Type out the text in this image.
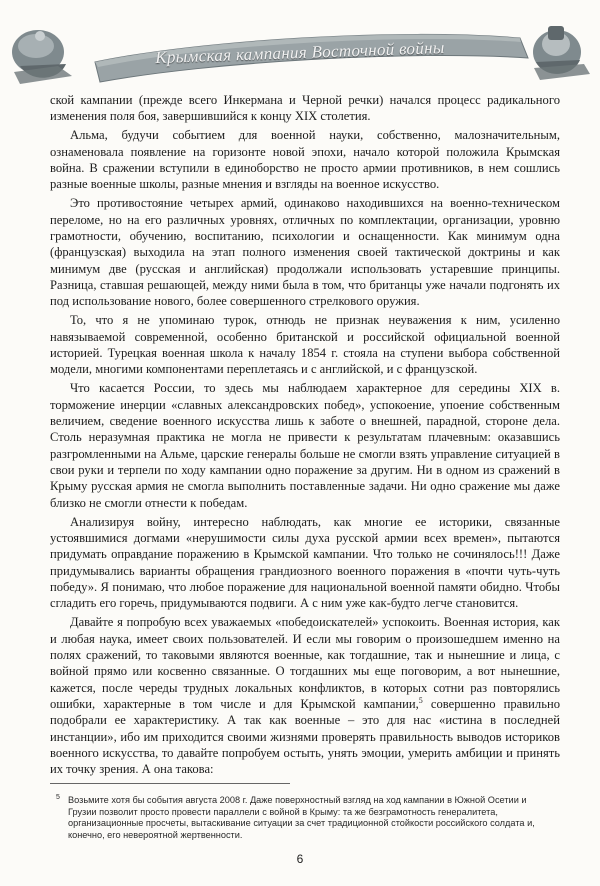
Крымская кампания Восточной войны

ской кампании (прежде всего Инкермана и Черной речки) начался процесс радикального изменения поля боя, завершившийся к концу XIX столетия.

Альма, будучи событием для военной науки, собственно, малозначительным, ознаменовала появление на горизонте новой эпохи, начало которой положила Крымская война. В сражении вступили в единоборство не просто армии противников, в нем сошлись разные военные школы, разные мнения и взгляды на военное искусство.

Это противостояние четырех армий, одинаково находившихся на военно-техническом переломе, но на его различных уровнях, отличных по комплектации, организации, уровню грамотности, обучению, воспитанию, психологии и оснащенности. Как минимум одна (французская) выходила на этап полного изменения своей тактической доктрины и как минимум две (русская и английская) продолжали использовать устаревшие принципы. Разница, ставшая решающей, между ними была в том, что британцы уже начали подгонять их под использование нового, более совершенного стрелкового оружия.

То, что я не упоминаю турок, отнюдь не признак неуважения к ним, усиленно навязываемой современной, особенно британской и российской официальной военной историей. Турецкая военная школа к началу 1854 г. стояла на ступени выбора собственной модели, многими компонентами переплетаясь и с английской, и с французской.

Что касается России, то здесь мы наблюдаем характерное для середины XIX в. торможение инерции «славных александровских побед», успокоение, упоение собственным величием, сведение военного искусства лишь к заботе о внешней, парадной, стороне дела. Столь неразумная практика не могла не привести к результатам плачевным: оказавшись разгромленными на Альме, царские генералы больше не смогли взять управление ситуацией в свои руки и терпели по ходу кампании одно поражение за другим. Ни в одном из сражений в Крыму русская армия не смогла выполнить поставленные задачи. Ни одно сражение мы даже близко не смогли отнести к победам.

Анализируя войну, интересно наблюдать, как многие ее историки, связанные устоявшимися догмами «нерушимости силы духа русской армии всех времен», пытаются придумать оправдание поражению в Крымской кампании. Что только не сочинялось!!! Даже придумывались варианты обращения грандиозного военного поражения в «почти чуть-чуть победу». Я понимаю, что любое поражение для национальной военной памяти обидно. Чтобы сгладить его горечь, придумываются подвиги. А с ним уже как-будто легче становится.

Давайте я попробую всех уважаемых «победоискателей» успокоить. Военная история, как и любая наука, имеет своих пользователей. И если мы говорим о произошедшем именно на полях сражений, то таковыми являются военные, как тогдашние, так и нынешние и лица, с войной прямо или косвенно связанные. О тогдашних мы еще поговорим, а вот нынешние, кажется, после череды трудных локальных конфликтов, в которых сотни раз повторялись ошибки, характерные в том числе и для Крымской кампании,$^5$ совершенно правильно подобрали ее характеристику. А так как военные – это для нас «истина в последней инстанции», ибо им приходится своими жизнями проверять правильность выводов историков военного искусства, то давайте попробуем остыть, унять эмоции, умерить амбиции и принять их точку зрения. А она такова:

5 Возьмите хотя бы события августа 2008 г. Даже поверхностный взгляд на ход кампании в Южной Осетии и Грузии позволит просто провести параллели с войной в Крыму: та же безграмотность генералитета, организационные просчеты, вытаскивание ситуации за счет традиционной стойкости российского солдата и, конечно, его невероятной жертвенности.
6
